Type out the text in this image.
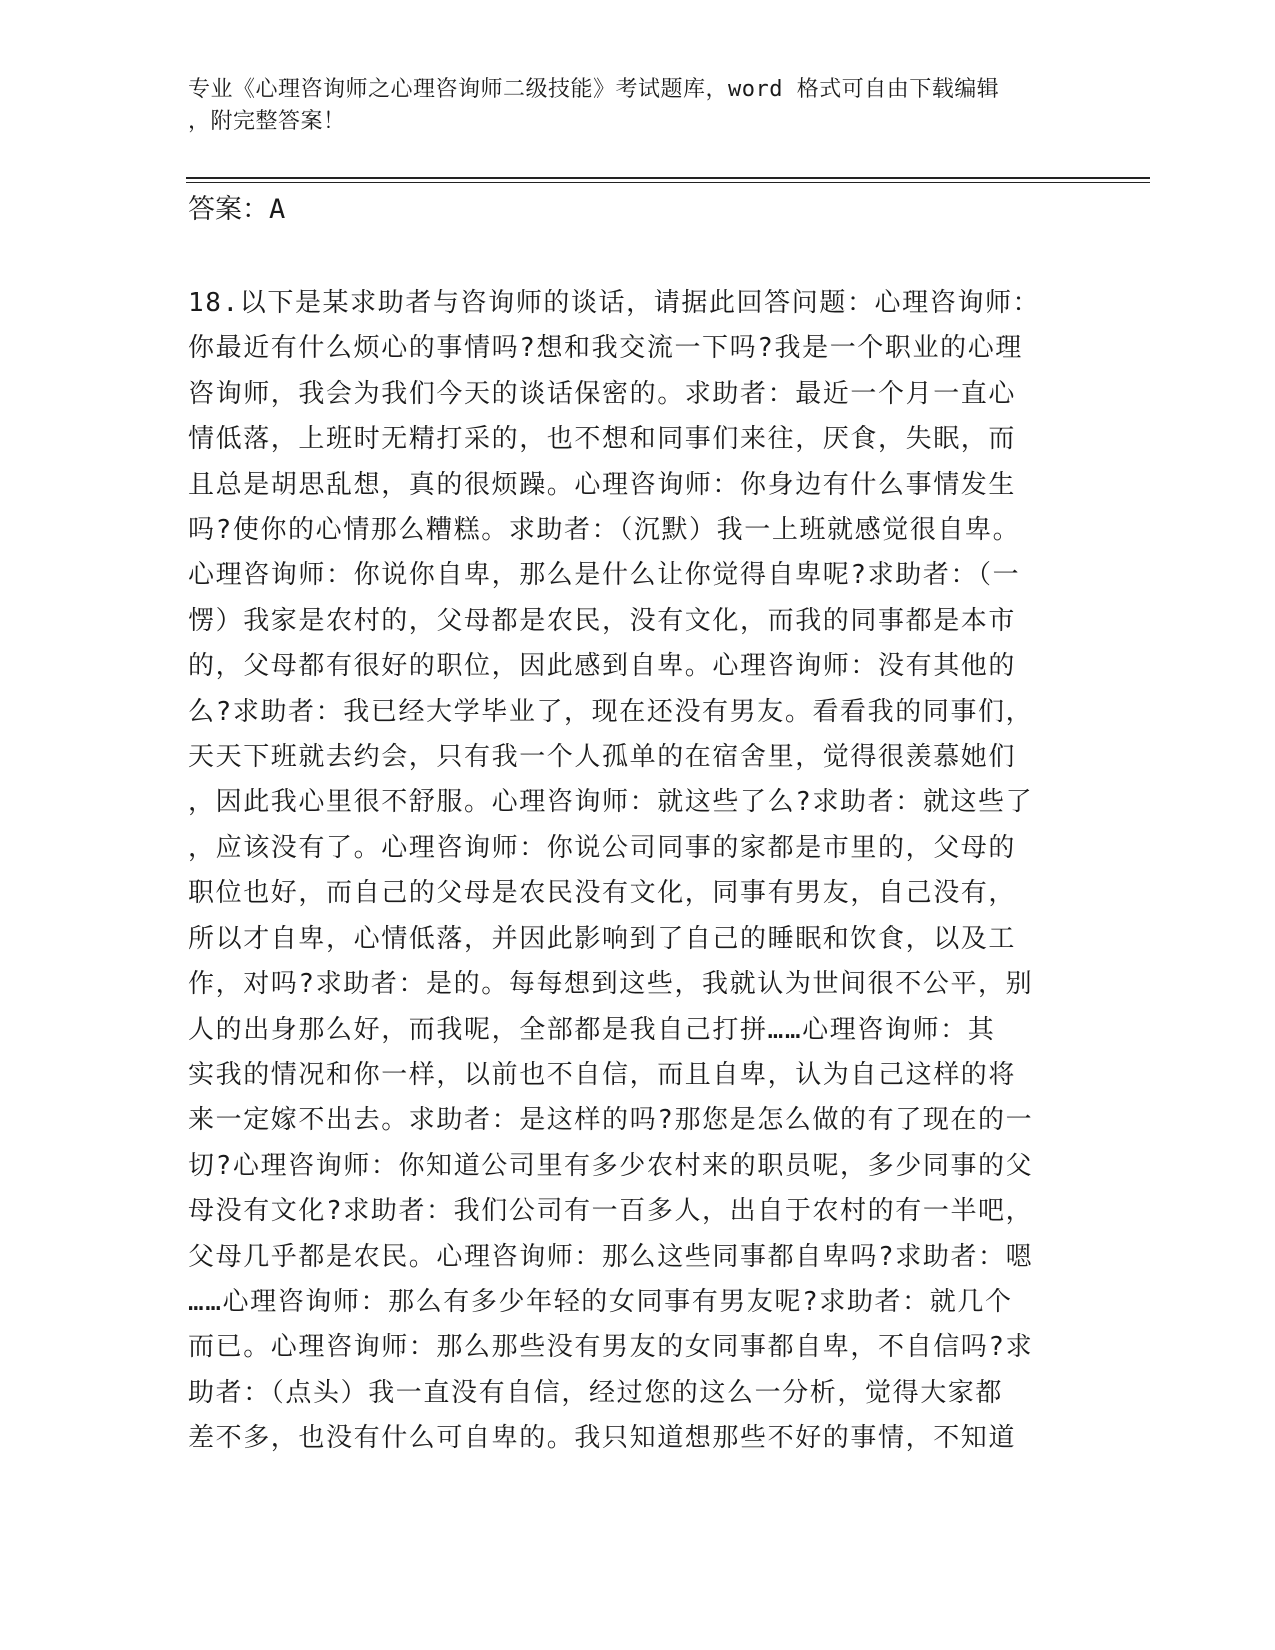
专业《心理咨询师之心理咨询师二级技能》考试题库，word 格式可自由下载编辑
，附完整答案！
答案：A
18.以下是某求助者与咨询师的谈话，请据此回答问题：心理咨询师：
你最近有什么烦心的事情吗?想和我交流一下吗?我是一个职业的心理
咨询师，我会为我们今天的谈话保密的。求助者：最近一个月一直心
情低落，上班时无精打采的，也不想和同事们来往，厌食，失眠，而
且总是胡思乱想，真的很烦躁。心理咨询师：你身边有什么事情发生
吗?使你的心情那么糟糕。求助者：（沉默）我一上班就感觉很自卑。
心理咨询师：你说你自卑，那么是什么让你觉得自卑呢?求助者：（一
愣）我家是农村的，父母都是农民，没有文化，而我的同事都是本市
的，父母都有很好的职位，因此感到自卑。心理咨询师：没有其他的
么?求助者：我已经大学毕业了，现在还没有男友。看看我的同事们，
天天下班就去约会，只有我一个人孤单的在宿舍里，觉得很羡慕她们
，因此我心里很不舒服。心理咨询师：就这些了么?求助者：就这些了
，应该没有了。心理咨询师：你说公司同事的家都是市里的，父母的
职位也好，而自己的父母是农民没有文化，同事有男友，自己没有，
所以才自卑，心情低落，并因此影响到了自己的睡眠和饮食，以及工
作，对吗?求助者：是的。每每想到这些，我就认为世间很不公平，别
人的出身那么好，而我呢，全部都是我自己打拼……心理咨询师：其
实我的情况和你一样，以前也不自信，而且自卑，认为自己这样的将
来一定嫁不出去。求助者：是这样的吗?那您是怎么做的有了现在的一
切?心理咨询师：你知道公司里有多少农村来的职员呢，多少同事的父
母没有文化?求助者：我们公司有一百多人，出自于农村的有一半吧，
父母几乎都是农民。心理咨询师：那么这些同事都自卑吗?求助者：嗯
……心理咨询师：那么有多少年轻的女同事有男友呢?求助者：就几个
而已。心理咨询师：那么那些没有男友的女同事都自卑，不自信吗?求
助者：（点头）我一直没有自信，经过您的这么一分析，觉得大家都
差不多，也没有什么可自卑的。我只知道想那些不好的事情，不知道
